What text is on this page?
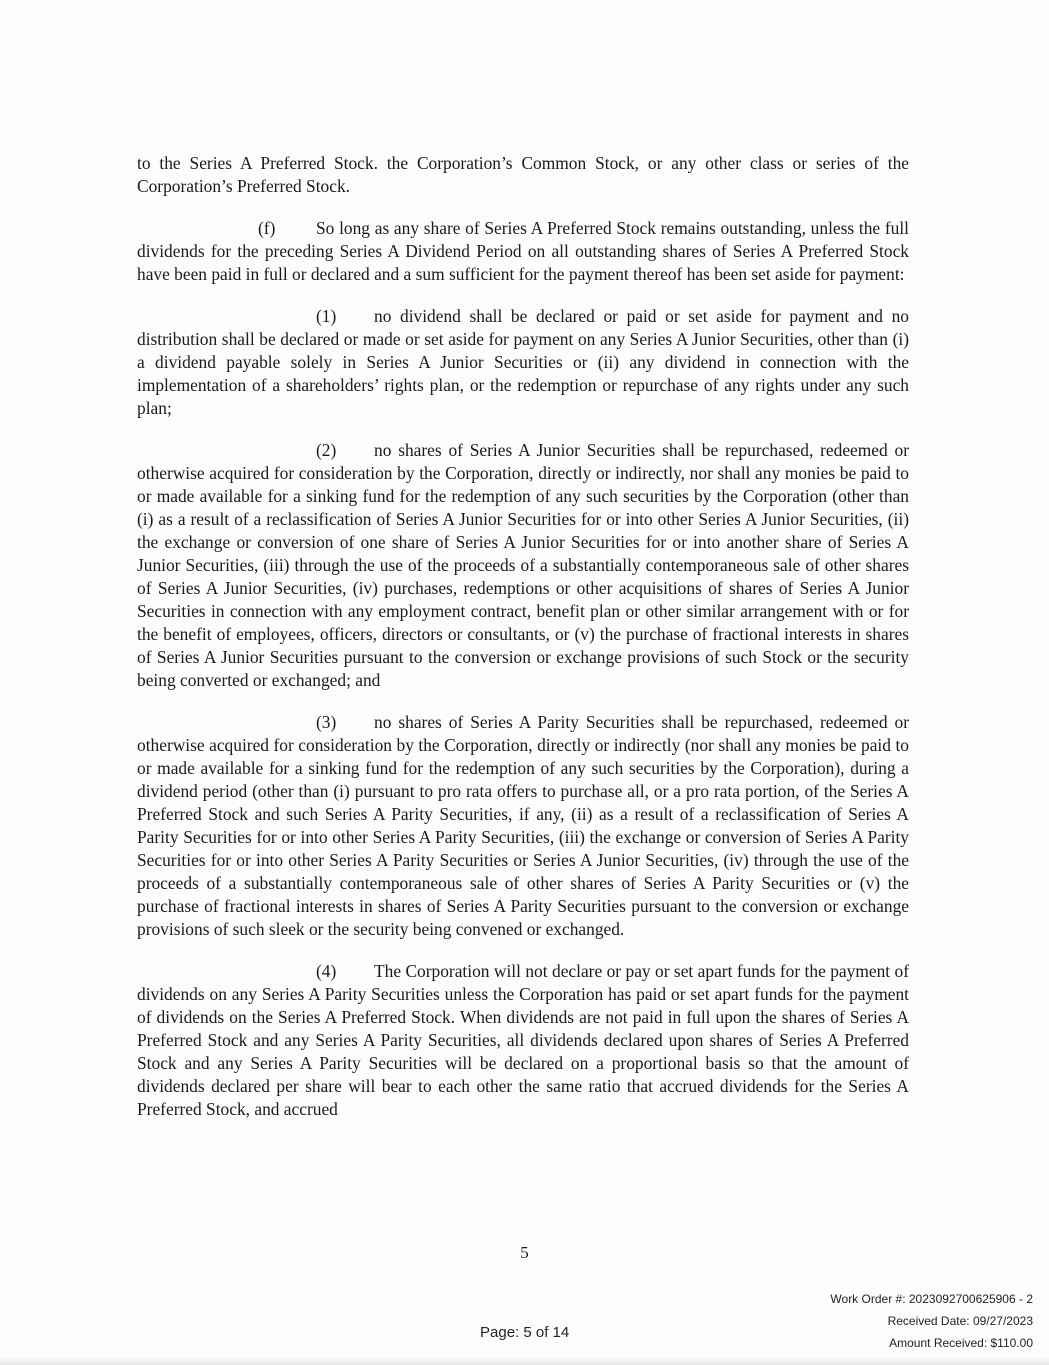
to the Series A Preferred Stock. the Corporation’s Common Stock, or any other class or series of the Corporation’s Preferred Stock.

(f) So long as any share of Series A Preferred Stock remains outstanding, unless the full dividends for the preceding Series A Dividend Period on all outstanding shares of Series A Preferred Stock have been paid in full or declared and a sum sufficient for the payment thereof has been set aside for payment:

(1) no dividend shall be declared or paid or set aside for payment and no distribution shall be declared or made or set aside for payment on any Series A Junior Securities, other than (i) a dividend payable solely in Series A Junior Securities or (ii) any dividend in connection with the implementation of a shareholders’ rights plan, or the redemption or repurchase of any rights under any such plan;

(2) no shares of Series A Junior Securities shall be repurchased, redeemed or otherwise acquired for consideration by the Corporation, directly or indirectly, nor shall any monies be paid to or made available for a sinking fund for the redemption of any such securities by the Corporation (other than (i) as a result of a reclassification of Series A Junior Securities for or into other Series A Junior Securities, (ii) the exchange or conversion of one share of Series A Junior Securities for or into another share of Series A Junior Securities, (iii) through the use of the proceeds of a substantially contemporaneous sale of other shares of Series A Junior Securities, (iv) purchases, redemptions or other acquisitions of shares of Series A Junior Securities in connection with any employment contract, benefit plan or other similar arrangement with or for the benefit of employees, officers, directors or consultants, or (v) the purchase of fractional interests in shares of Series A Junior Securities pursuant to the conversion or exchange provisions of such Stock or the security being converted or exchanged; and

(3) no shares of Series A Parity Securities shall be repurchased, redeemed or otherwise acquired for consideration by the Corporation, directly or indirectly (nor shall any monies be paid to or made available for a sinking fund for the redemption of any such securities by the Corporation), during a dividend period (other than (i) pursuant to pro rata offers to purchase all, or a pro rata portion, of the Series A Preferred Stock and such Series A Parity Securities, if any, (ii) as a result of a reclassification of Series A Parity Securities for or into other Series A Parity Securities, (iii) the exchange or conversion of Series A Parity Securities for or into other Series A Parity Securities or Series A Junior Securities, (iv) through the use of the proceeds of a substantially contemporaneous sale of other shares of Series A Parity Securities or (v) the purchase of fractional interests in shares of Series A Parity Securities pursuant to the conversion or exchange provisions of such sleek or the security being convened or exchanged.

(4) The Corporation will not declare or pay or set apart funds for the payment of dividends on any Series A Parity Securities unless the Corporation has paid or set apart funds for the payment of dividends on the Series A Preferred Stock. When dividends are not paid in full upon the shares of Series A Preferred Stock and any Series A Parity Securities, all dividends declared upon shares of Series A Preferred Stock and any Series A Parity Securities will be declared on a proportional basis so that the amount of dividends declared per share will bear to each other the same ratio that accrued dividends for the Series A Preferred Stock, and accrued

5
Page: 5 of 14
Work Order #: 2023092700625906 - 2
Received Date: 09/27/2023
Amount Received: $110.00
